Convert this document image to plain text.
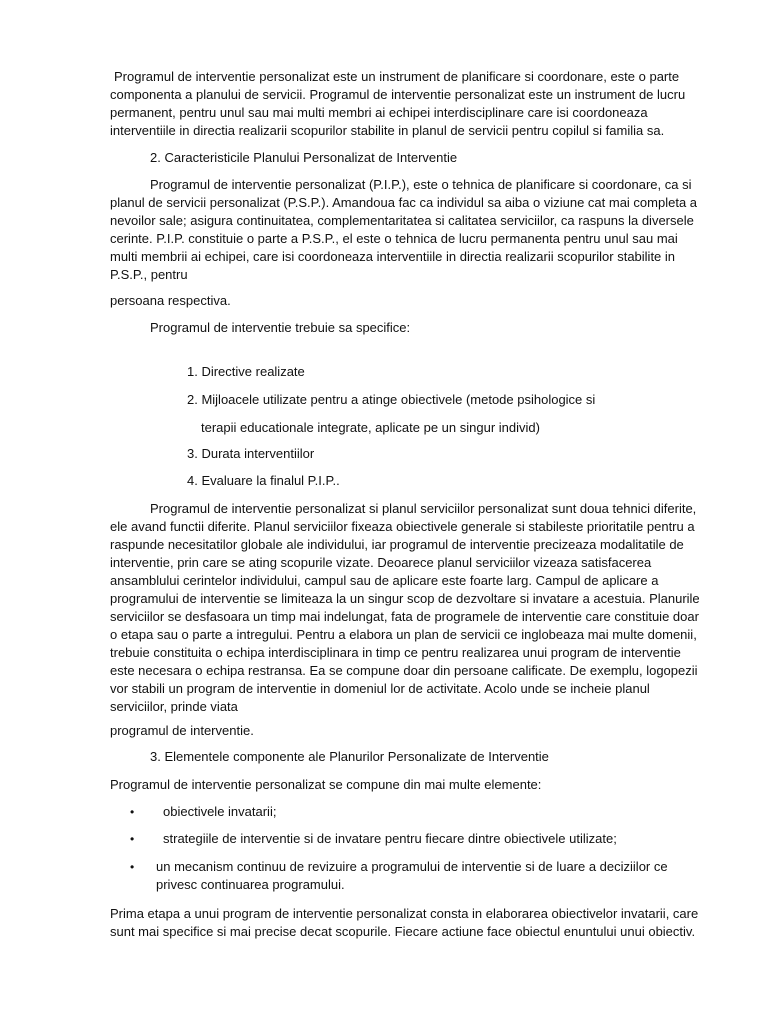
Programul de interventie personalizat este un instrument de planificare si coordonare, este o parte componenta a planului de servicii. Programul de interventie personalizat este un instrument de lucru permanent, pentru unul sau mai multi membri ai echipei interdisciplinare care isi coordoneaza interventiile in directia realizarii scopurilor stabilite in planul de servicii pentru copilul si familia sa.

2. Caracteristicile Planului Personalizat de Interventie

Programul de interventie personalizat (P.I.P.), este o tehnica de planificare si coordonare, ca si planul de servicii personalizat (P.S.P.). Amandoua fac ca individul sa aiba o viziune cat mai completa a nevoilor sale; asigura continuitatea, complementaritatea si calitatea serviciilor, ca raspuns la diversele cerinte. P.I.P. constituie o parte a P.S.P., el este o tehnica de lucru permanenta pentru unul sau mai multi membrii ai echipei, care isi coordoneaza interventiile in directia realizarii scopurilor stabilite in P.S.P., pentru

persoana respectiva.

Programul de interventie trebuie sa specifice:

1. Directive realizate

2. Mijloacele utilizate pentru a atinge obiectivele (metode psihologice si

terapii educationale integrate, aplicate pe un singur individ)

3. Durata interventiilor

4. Evaluare la finalul P.I.P..

Programul de interventie personalizat si planul serviciilor personalizat sunt doua tehnici diferite, ele avand functii diferite. Planul serviciilor fixeaza obiectivele generale si stabileste prioritatile pentru a raspunde necesitatilor globale ale individului, iar programul de interventie precizeaza modalitatile de interventie, prin care se ating scopurile vizate. Deoarece planul serviciilor vizeaza satisfacerea ansamblului cerintelor individului, campul sau de aplicare este foarte larg. Campul de aplicare a programului de interventie se limiteaza la un singur scop de dezvoltare si invatare a acestuia. Planurile serviciilor se desfasoara un timp mai indelungat, fata de programele de interventie care constituie doar o etapa sau o parte a intregului. Pentru a elabora un plan de servicii ce inglobeaza mai multe domenii, trebuie constituita o echipa interdisciplinara in timp ce pentru realizarea unui program de interventie este necesara o echipa restransa. Ea se compune doar din persoane calificate. De exemplu, logopezii vor stabili un program de interventie in domeniul lor de activitate. Acolo unde se incheie planul serviciilor, prinde viata

programul de interventie.

3. Elementele componente ale Planurilor Personalizate de Interventie

Programul de interventie personalizat se compune din mai multe elemente:

• obiectivele invatarii;
• strategiile de interventie si de invatare pentru fiecare dintre obiectivele utilizate;
• un mecanism continuu de revizuire a programului de interventie si de luare a deciziilor ce privesc continuarea programului.

Prima etapa a unui program de interventie personalizat consta in elaborarea obiectivelor invatarii, care sunt mai specifice si mai precise decat scopurile. Fiecare actiune face obiectul enuntului unui obiectiv.
